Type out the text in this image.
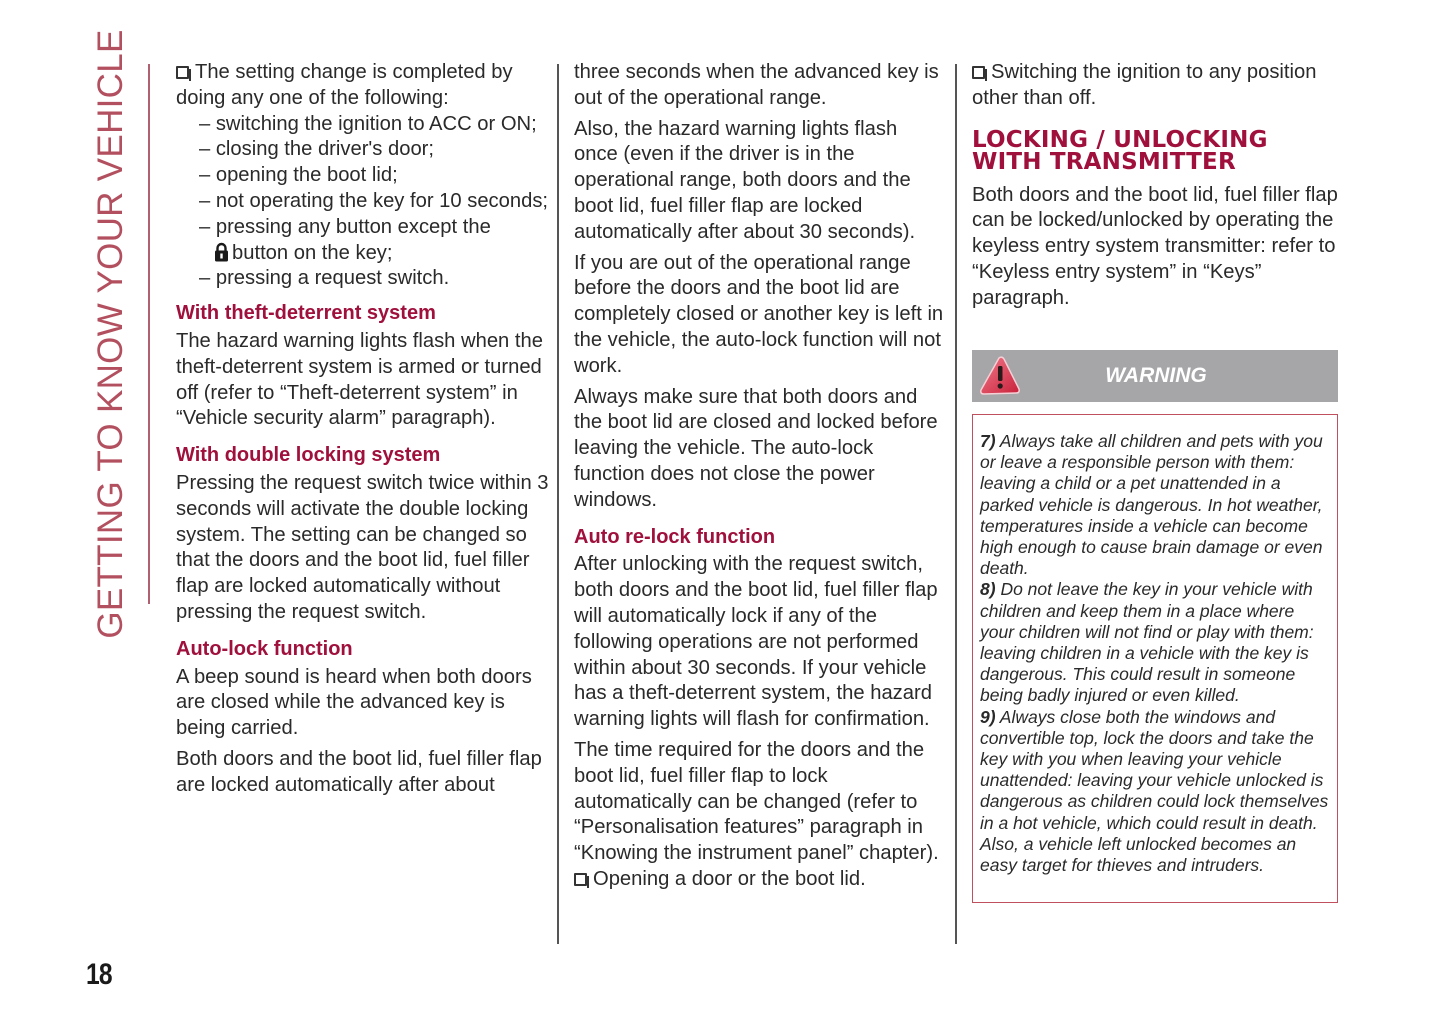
GETTING TO KNOW YOUR VEHICLE
18

The setting change is completed by doing any one of the following:

– switching the ignition to ACC or ON;
– closing the driver's door;
– opening the boot lid;
– not operating the key for 10 seconds;
– pressing any button except the
button on the key;
– pressing a request switch.

With theft-deterrent system

The hazard warning lights flash when the theft-deterrent system is armed or turned off (refer to “Theft-deterrent system” in “Vehicle security alarm” paragraph).

With double locking system

Pressing the request switch twice within 3 seconds will activate the double locking system. The setting can be changed so that the doors and the boot lid, fuel filler flap are locked automatically without pressing the request switch.

Auto-lock function

A beep sound is heard when both doors are closed while the advanced key is being carried.

Both doors and the boot lid, fuel filler flap are locked automatically after about

three seconds when the advanced key is out of the operational range.

Also, the hazard warning lights flash once (even if the driver is in the operational range, both doors and the boot lid, fuel filler flap are locked automatically after about 30 seconds).

If you are out of the operational range before the doors and the boot lid are completely closed or another key is left in the vehicle, the auto-lock function will not work.

Always make sure that both doors and the boot lid are closed and locked before leaving the vehicle. The auto-lock function does not close the power windows.

Auto re-lock function

After unlocking with the request switch, both doors and the boot lid, fuel filler flap will automatically lock if any of the following operations are not performed within about 30 seconds. If your vehicle has a theft-deterrent system, the hazard warning lights will flash for confirmation.

The time required for the doors and the boot lid, fuel filler flap to lock automatically can be changed (refer to “Personalisation features” paragraph in “Knowing the instrument panel” chapter).

Opening a door or the boot lid.

Switching the ignition to any position other than off.

LOCKING / UNLOCKING
WITH TRANSMITTER

Both doors and the boot lid, fuel filler flap can be locked/unlocked by operating the keyless entry system transmitter: refer to “Keyless entry system” in “Keys” paragraph.

WARNING
7) Always take all children and pets with you or leave a responsible person with them: leaving a child or a pet unattended in a parked vehicle is dangerous. In hot weather, temperatures inside a vehicle can become high enough to cause brain damage or even death.
8) Do not leave the key in your vehicle with children and keep them in a place where your children will not find or play with them: leaving children in a vehicle with the key is dangerous. This could result in someone being badly injured or even killed.
9) Always close both the windows and convertible top, lock the doors and take the key with you when leaving your vehicle unattended: leaving your vehicle unlocked is dangerous as children could lock themselves in a hot vehicle, which could result in death. Also, a vehicle left unlocked becomes an easy target for thieves and intruders.
